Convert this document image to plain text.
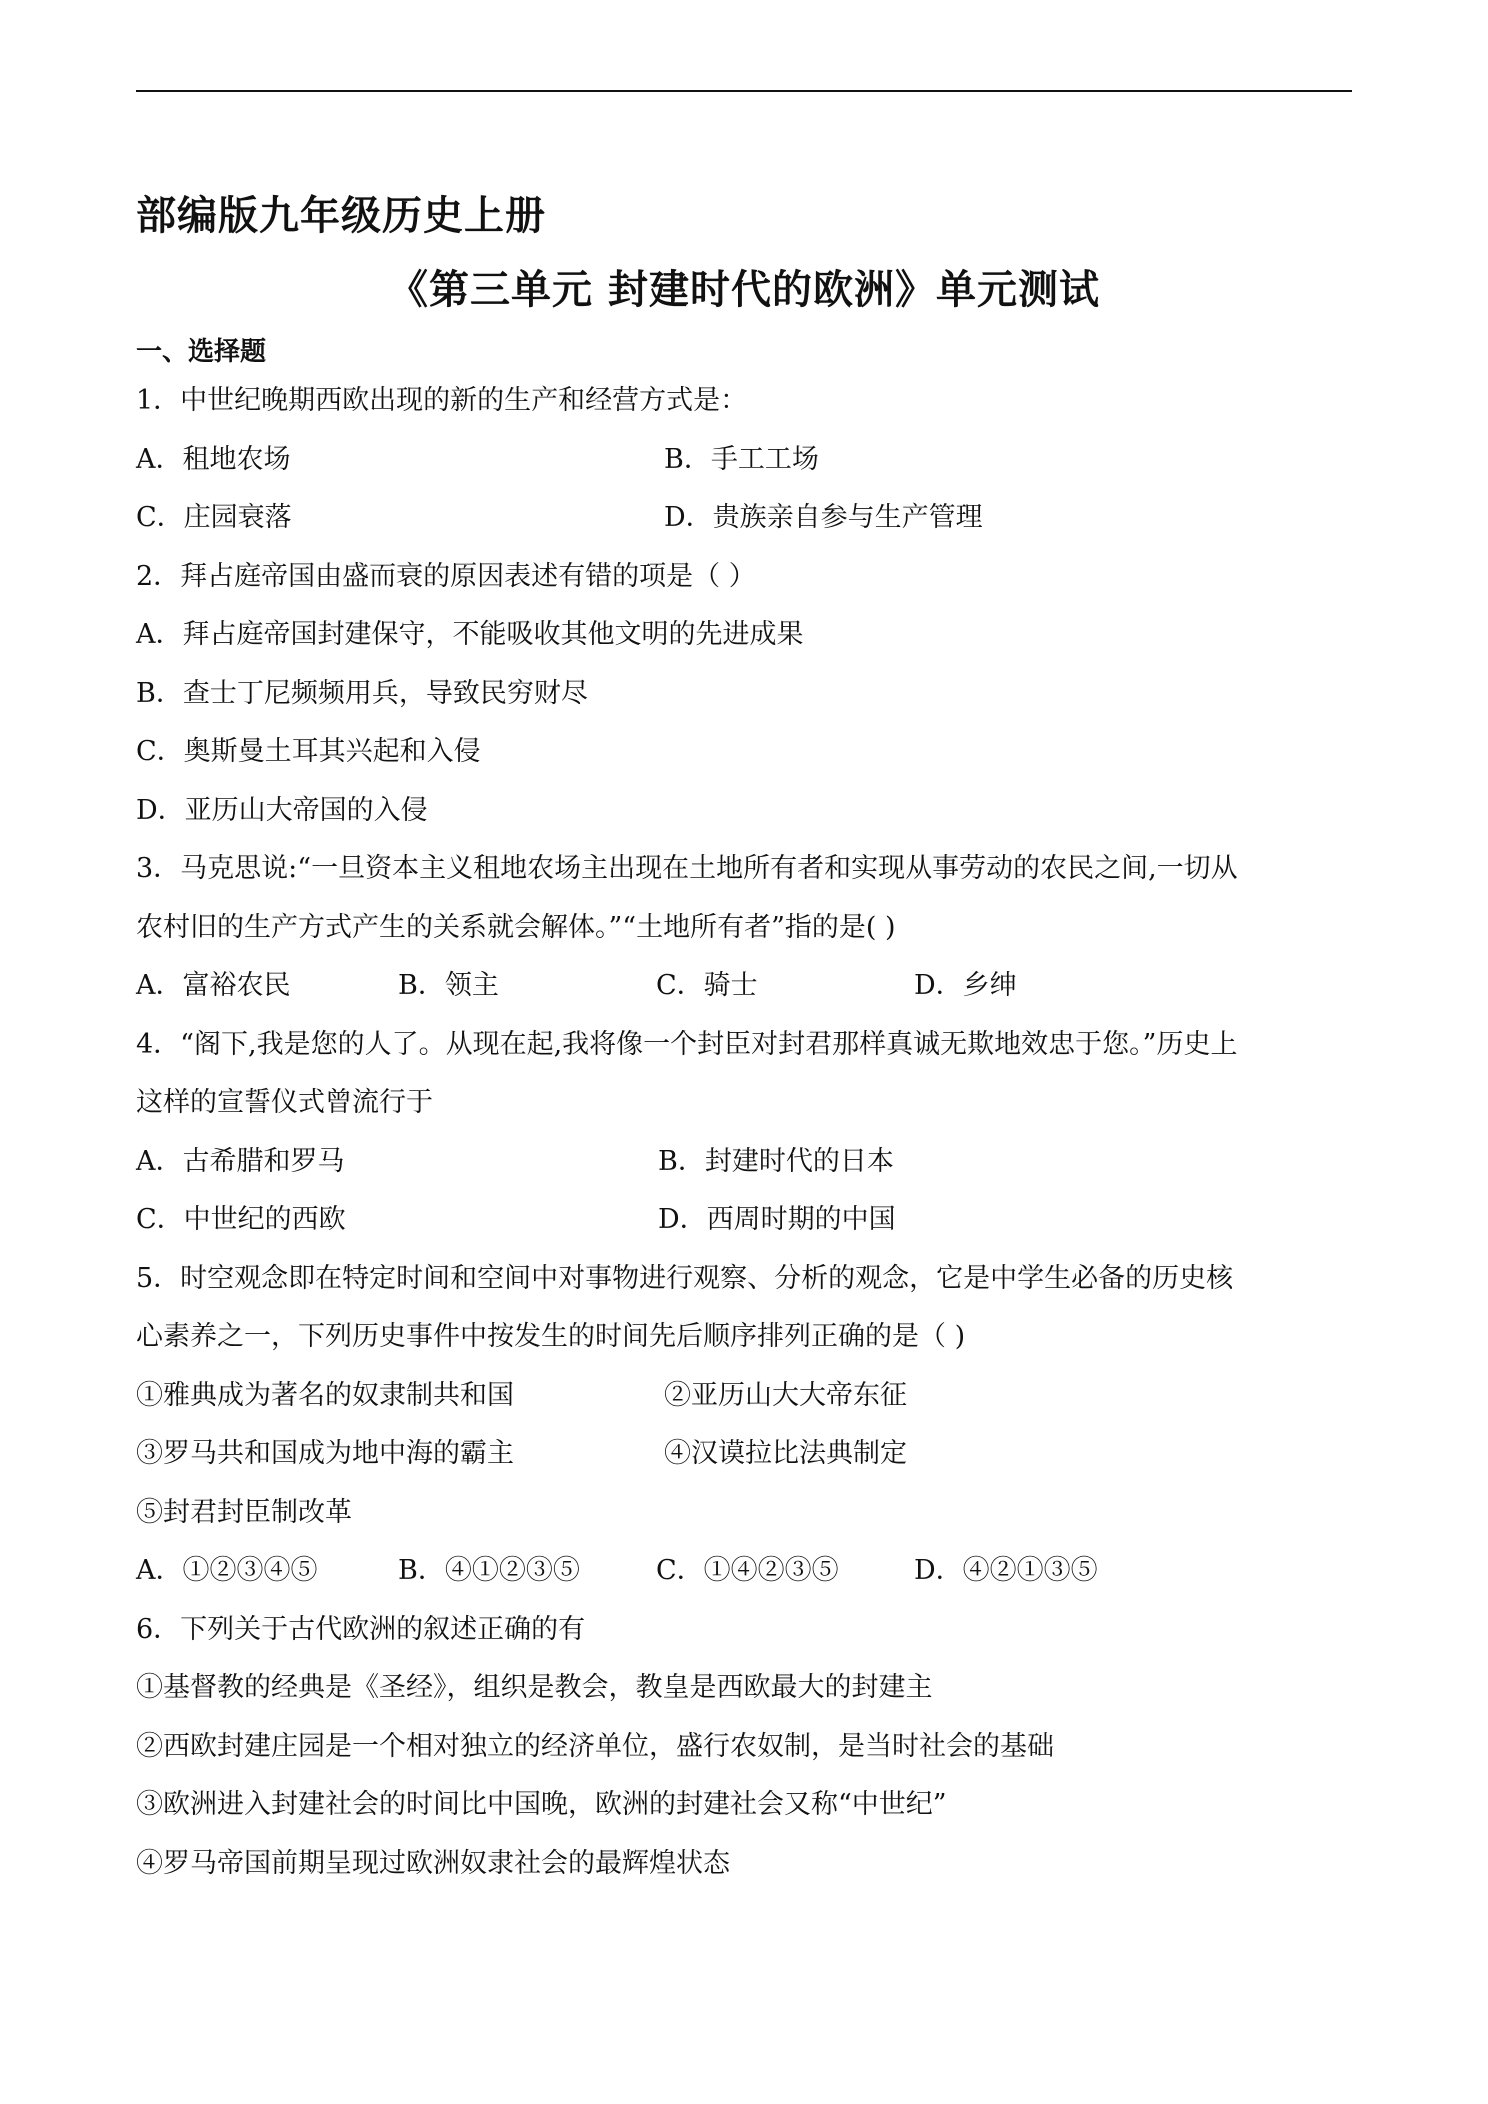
部编版九年级历史上册
《第三单元 封建时代的欧洲》单元测试
一、选择题
1．中世纪晚期西欧出现的新的生产和经营方式是：
A．租地农场	B．手工工场
C．庄园衰落	D．贵族亲自参与生产管理
2．拜占庭帝国由盛而衰的原因表述有错的项是（ ）
A．拜占庭帝国封建保守，不能吸收其他文明的先进成果
B．查士丁尼频频用兵，导致民穷财尽
C．奥斯曼土耳其兴起和入侵
D．亚历山大帝国的入侵
3．马克思说:“一旦资本主义租地农场主出现在土地所有者和实现从事劳动的农民之间,一切从
农村旧的生产方式产生的关系就会解体。”“土地所有者”指的是( )
A．富裕农民	B．领主	C．骑士	D．乡绅
4．“阁下,我是您的人了。从现在起,我将像一个封臣对封君那样真诚无欺地效忠于您。”历史上
这样的宣誓仪式曾流行于
A．古希腊和罗马	B．封建时代的日本
C．中世纪的西欧	D．西周时期的中国
5．时空观念即在特定时间和空间中对事物进行观察、分析的观念，它是中学生必备的历史核
心素养之一，下列历史事件中按发生的时间先后顺序排列正确的是（ )
①雅典成为著名的奴隶制共和国	②亚历山大大帝东征
③罗马共和国成为地中海的霸主	④汉谟拉比法典制定
⑤封君封臣制改革
A．①②③④⑤	B．④①②③⑤	C．①④②③⑤	D．④②①③⑤
6．下列关于古代欧洲的叙述正确的有
①基督教的经典是《圣经》，组织是教会，教皇是西欧最大的封建主
②西欧封建庄园是一个相对独立的经济单位，盛行农奴制，是当时社会的基础
③欧洲进入封建社会的时间比中国晚，欧洲的封建社会又称“中世纪”
④罗马帝国前期呈现过欧洲奴隶社会的最辉煌状态
